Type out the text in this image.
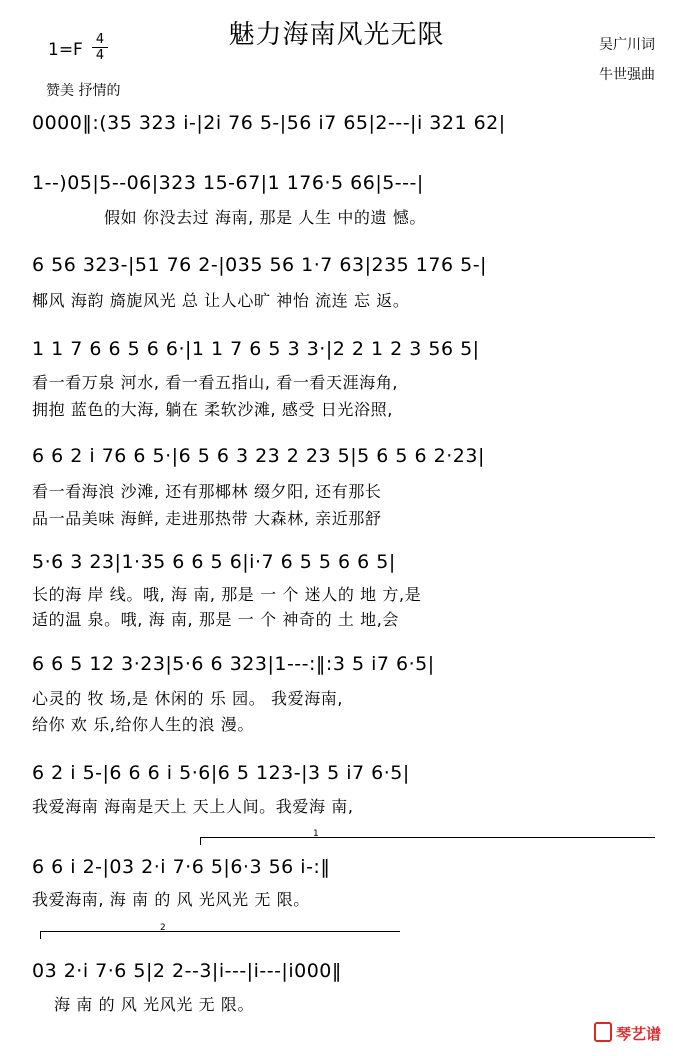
魅力海南风光无限
1=F
4
4
吴广川词
牛世强曲
赞美 抒情的
0000‖:(35 323 i-|2i 76 5-|56 i7 65|2---|i 321 62|
1--)05|5--06|323 15-67|1 176·5 66|5---|
假如 你没去过 海南, 那是 人生 中的遗 憾。
6 56 323-|51 76 2-|035 56 1·7 63|235 176 5-|
椰风 海韵 旖旎风光 总 让人心旷 神怡 流连 忘 返。
1 1 7 6 6 5 6 6·|1 1 7 6 5 3 3·|2 2 1 2 3 56 5|
看一看万泉 河水, 看一看五指山, 看一看天涯海角,
拥抱 蓝色的大海, 躺在 柔软沙滩, 感受 日光浴照,
6 6 2 i 76 6 5·|6 5 6 3 23 2 23 5|5 6 5 6 2·23|
看一看海浪 沙滩, 还有那椰林 缀夕阳, 还有那长
品一品美味 海鲜, 走进那热带 大森林, 亲近那舒
5·6 3 23|1·35 6 6 5 6|i·7 6 5 5 6 6 5|
长的海 岸 线。哦, 海 南, 那是 一 个 迷人的 地 方,是
适的温 泉。哦, 海 南, 那是 一 个 神奇的 土 地,会
6 6 5 12 3·23|5·6 6 323|1---:‖:3 5 i7 6·5|
心灵的 牧 场,是 休闲的 乐 园。 我爱海南,
给你 欢 乐,给你人生的浪 漫。
6 2 i 5-|6 6 6 i 5·6|6 5 123-|3 5 i7 6·5|
我爱海南 海南是天上 天上人间。我爱海 南,
1
6 6 i 2-|03 2·i 7·6 5|6·3 56 i-:‖
我爱海南, 海 南 的 风 光风光 无 限。
2
03 2·i 7·6 5|2 2--3|i---|i---|i000‖
海 南 的 风 光风光 无 限。
琴艺谱
